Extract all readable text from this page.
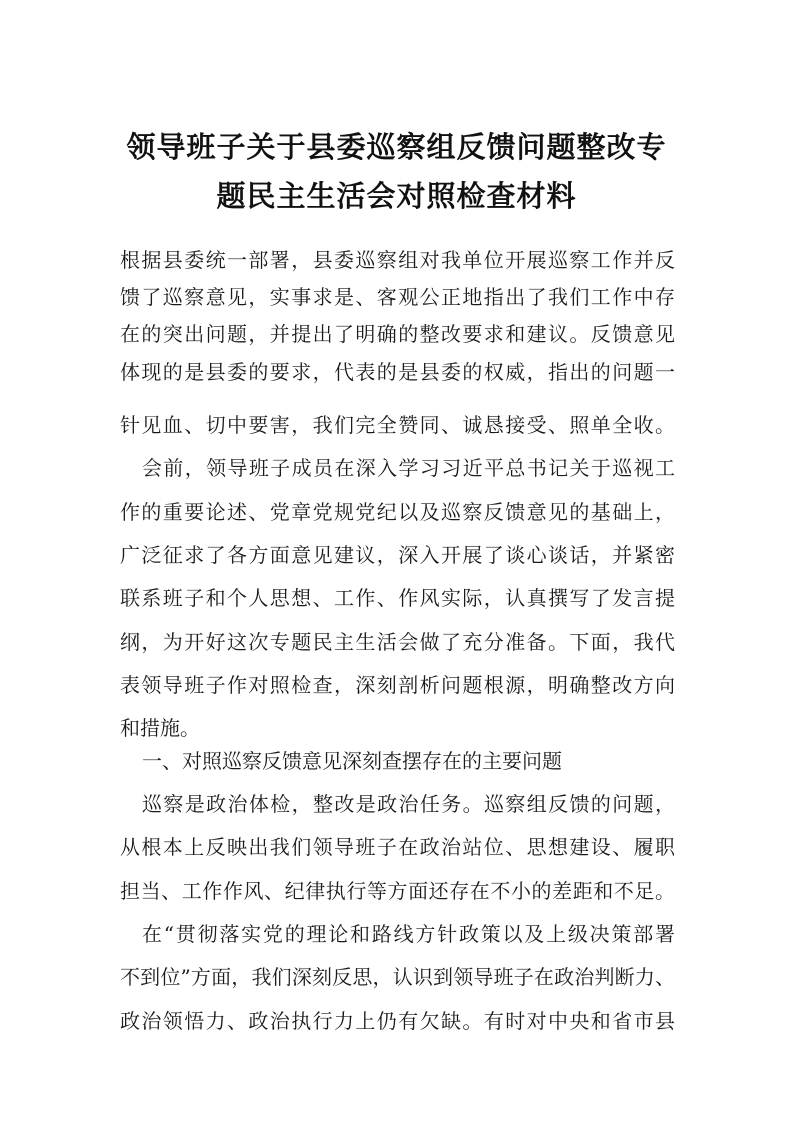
领导班子关于县委巡察组反馈问题整改专
题民主生活会对照检查材料
根据县委统一部署，县委巡察组对我单位开展巡察工作并反
馈了巡察意见，实事求是、客观公正地指出了我们工作中存
在的突出问题，并提出了明确的整改要求和建议。反馈意见
体现的是县委的要求，代表的是县委的权威，指出的问题一
针见血、切中要害，我们完全赞同、诚恳接受、照单全收。
会前，领导班子成员在深入学习习近平总书记关于巡视工
作的重要论述、党章党规党纪以及巡察反馈意见的基础上，
广泛征求了各方面意见建议，深入开展了谈心谈话，并紧密
联系班子和个人思想、工作、作风实际，认真撰写了发言提
纲，为开好这次专题民主生活会做了充分准备。下面，我代
表领导班子作对照检查，深刻剖析问题根源，明确整改方向
和措施。
一、对照巡察反馈意见深刻查摆存在的主要问题
巡察是政治体检，整改是政治任务。巡察组反馈的问题，
从根本上反映出我们领导班子在政治站位、思想建设、履职
担当、工作作风、纪律执行等方面还存在不小的差距和不足。
在“贯彻落实党的理论和路线方针政策以及上级决策部署
不到位”方面，我们深刻反思，认识到领导班子在政治判断力、
政治领悟力、政治执行力上仍有欠缺。有时对中央和省市县
